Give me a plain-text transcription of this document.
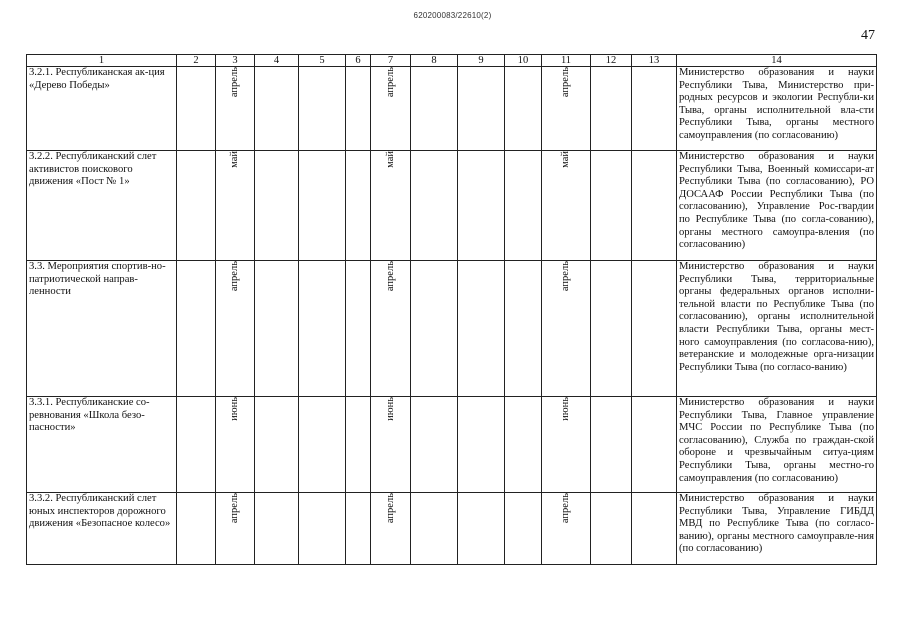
620200083/22610(2)
47
1	2	3	4	5	6	7	8	9	10	11	12	13	14
3.2.1. Республиканская ак-ция «Дерево Победы»		апрель				апрель				апрель			Министерство образования и науки Республики Тыва, Министерство при-родных ресурсов и экологии Республи-ки Тыва, органы исполнительной вла-сти Республики Тыва, органы местного самоуправления (по согласованию)
3.2.2. Республиканский слет активистов поискового движения «Пост № 1»		май				май				май			Министерство образования и науки Республики Тыва, Военный комиссари-ат Республики Тыва (по согласованию), РО ДОСААФ России Республики Тыва (по согласованию), Управление Рос-гвардии по Республике Тыва (по согла-сованию), органы местного самоупра-вления (по согласованию)
3.3. Мероприятия спортив-но-патриотической направ-ленности		апрель				апрель				апрель			Министерство образования и науки Республики Тыва, территориальные органы федеральных органов исполни-тельной власти по Республике Тыва (по согласованию), органы исполнительной власти Республики Тыва, органы мест-ного самоуправления (по согласова-нию), ветеранские и молодежные орга-низации Республики Тыва (по согласо-ванию)
3.3.1. Республиканские со-ревнования «Школа безо-пасности»		июнь				июнь				июнь			Министерство образования и науки Республики Тыва, Главное управление МЧС России по Республике Тыва (по согласованию), Служба по граждан-ской обороне и чрезвычайным ситуа-циям Республики Тыва, органы местно-го самоуправления (по согласованию)
3.3.2. Республиканский слет юных инспекторов дорожного движения «Безопасное колесо»		апрель				апрель				апрель			Министерство образования и науки Республики Тыва, Управление ГИБДД МВД по Республике Тыва (по согласо-ванию), органы местного самоуправле-ния (по согласованию)
